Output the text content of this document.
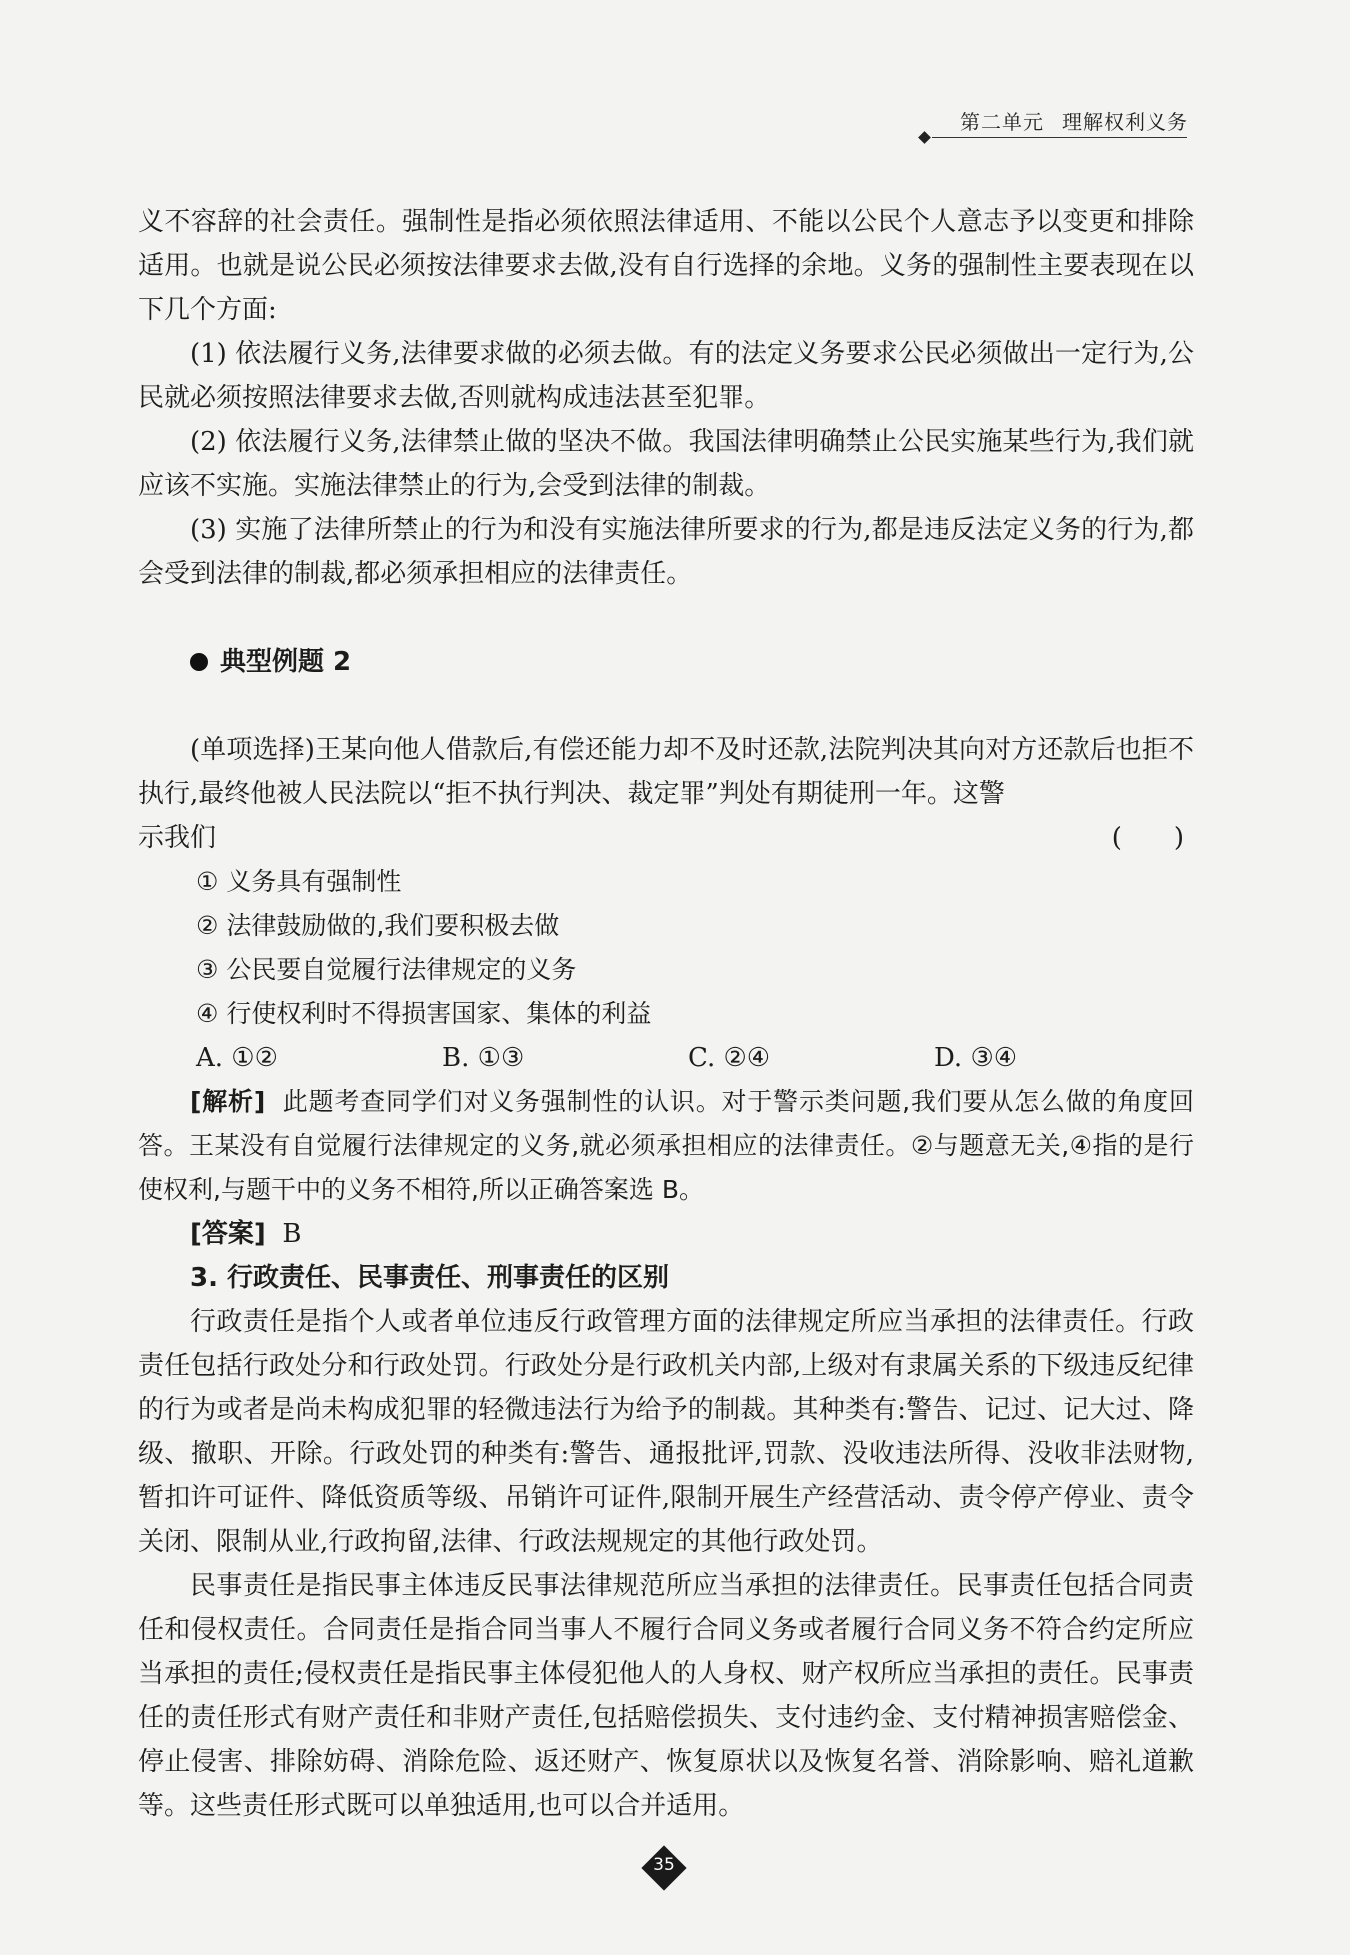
第二单元 理解权利义务

义不容辞的社会责任。强制性是指必须依照法律适用、不能以公民个人意志予以变更和排除适用。也就是说公民必须按法律要求去做,没有自行选择的余地。义务的强制性主要表现在以下几个方面:

(1) 依法履行义务,法律要求做的必须去做。有的法定义务要求公民必须做出一定行为,公民就必须按照法律要求去做,否则就构成违法甚至犯罪。

(2) 依法履行义务,法律禁止做的坚决不做。我国法律明确禁止公民实施某些行为,我们就应该不实施。实施法律禁止的行为,会受到法律的制裁。

(3) 实施了法律所禁止的行为和没有实施法律所要求的行为,都是违反法定义务的行为,都会受到法律的制裁,都必须承担相应的法律责任。

典型例题 2

(单项选择)王某向他人借款后,有偿还能力却不及时还款,法院判决其向对方还款后也拒不执行,最终他被人民法院以“拒不执行判决、裁定罪”判处有期徒刑一年。这警

示我们	(　　)

① 义务具有强制性

② 法律鼓励做的,我们要积极去做

③ 公民要自觉履行法律规定的义务

④ 行使权利时不得损害国家、集体的利益

A. ①②	B. ①③	C. ②④	D. ③④

[解析] 此题考查同学们对义务强制性的认识。对于警示类问题,我们要从怎么做的角度回答。王某没有自觉履行法律规定的义务,就必须承担相应的法律责任。②与题意无关,④指的是行使权利,与题干中的义务不相符,所以正确答案选 B。

[答案] B

3. 行政责任、民事责任、刑事责任的区别

行政责任是指个人或者单位违反行政管理方面的法律规定所应当承担的法律责任。行政责任包括行政处分和行政处罚。行政处分是行政机关内部,上级对有隶属关系的下级违反纪律的行为或者是尚未构成犯罪的轻微违法行为给予的制裁。其种类有:警告、记过、记大过、降级、撤职、开除。行政处罚的种类有:警告、通报批评,罚款、没收违法所得、没收非法财物,暂扣许可证件、降低资质等级、吊销许可证件,限制开展生产经营活动、责令停产停业、责令关闭、限制从业,行政拘留,法律、行政法规规定的其他行政处罚。

民事责任是指民事主体违反民事法律规范所应当承担的法律责任。民事责任包括合同责任和侵权责任。合同责任是指合同当事人不履行合同义务或者履行合同义务不符合约定所应当承担的责任;侵权责任是指民事主体侵犯他人的人身权、财产权所应当承担的责任。民事责任的责任形式有财产责任和非财产责任,包括赔偿损失、支付违约金、支付精神损害赔偿金、停止侵害、排除妨碍、消除危险、返还财产、恢复原状以及恢复名誉、消除影响、赔礼道歉等。这些责任形式既可以单独适用,也可以合并适用。

35
